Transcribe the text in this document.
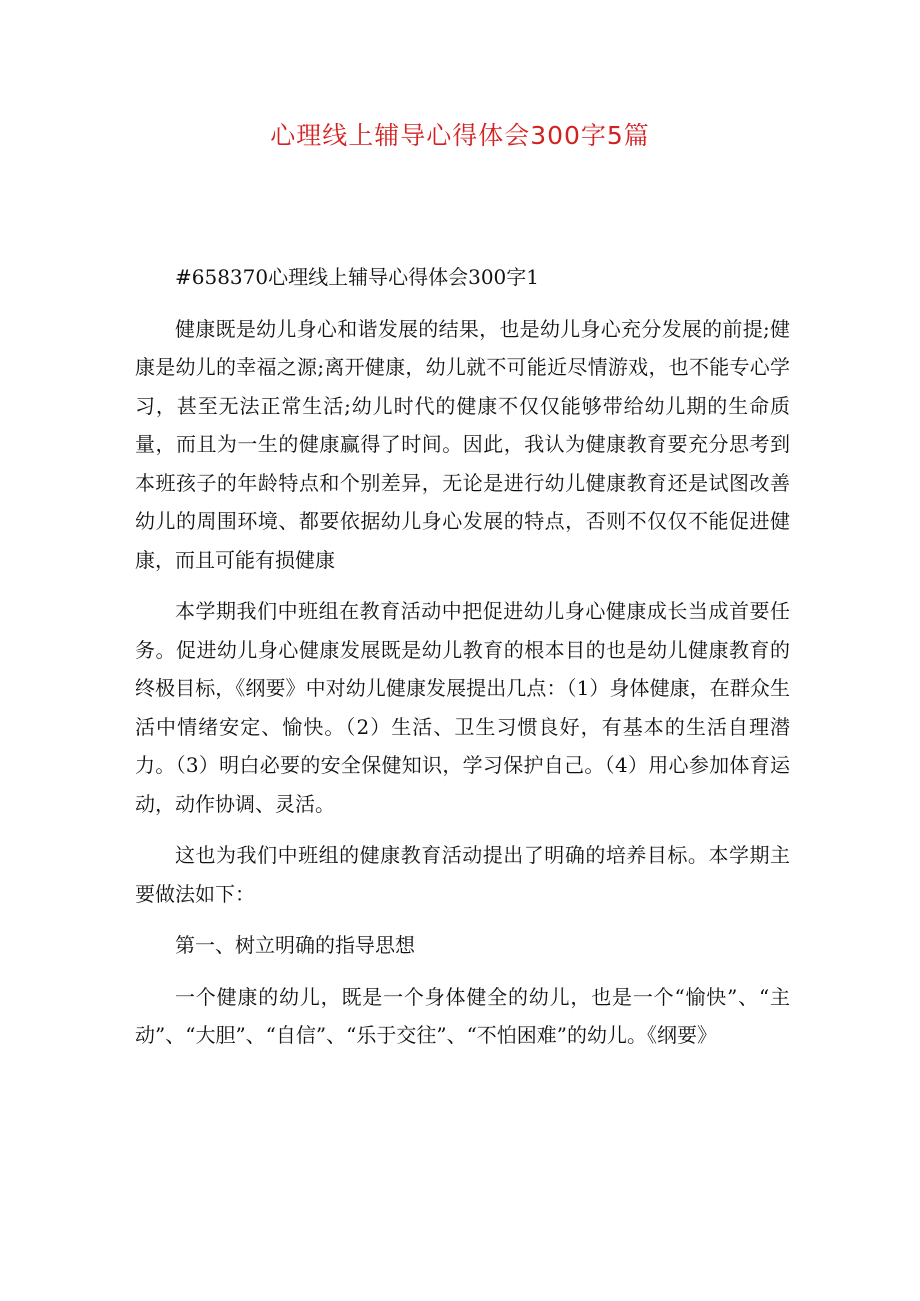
心理线上辅导心得体会300字5篇

#658370心理线上辅导心得体会300字1

健康既是幼儿身心和谐发展的结果，也是幼儿身心充分发展的前提;健康是幼儿的幸福之源;离开健康，幼儿就不可能近尽情游戏，也不能专心学习，甚至无法正常生活;幼儿时代的健康不仅仅能够带给幼儿期的生命质量，而且为一生的健康赢得了时间。因此，我认为健康教育要充分思考到本班孩子的年龄特点和个别差异，无论是进行幼儿健康教育还是试图改善幼儿的周围环境、都要依据幼儿身心发展的特点，否则不仅仅不能促进健康，而且可能有损健康

本学期我们中班组在教育活动中把促进幼儿身心健康成长当成首要任务。促进幼儿身心健康发展既是幼儿教育的根本目的也是幼儿健康教育的终极目标，《纲要》中对幼儿健康发展提出几点：（1）身体健康，在群众生活中情绪安定、愉快。（2）生活、卫生习惯良好，有基本的生活自理潜力。（3）明白必要的安全保健知识，学习保护自己。（4）用心参加体育运动，动作协调、灵活。

这也为我们中班组的健康教育活动提出了明确的培养目标。本学期主要做法如下：

第一、树立明确的指导思想

一个健康的幼儿，既是一个身体健全的幼儿，也是一个“愉快”、“主动”、“大胆”、“自信”、“乐于交往”、“不怕困难”的幼儿。《纲要》
